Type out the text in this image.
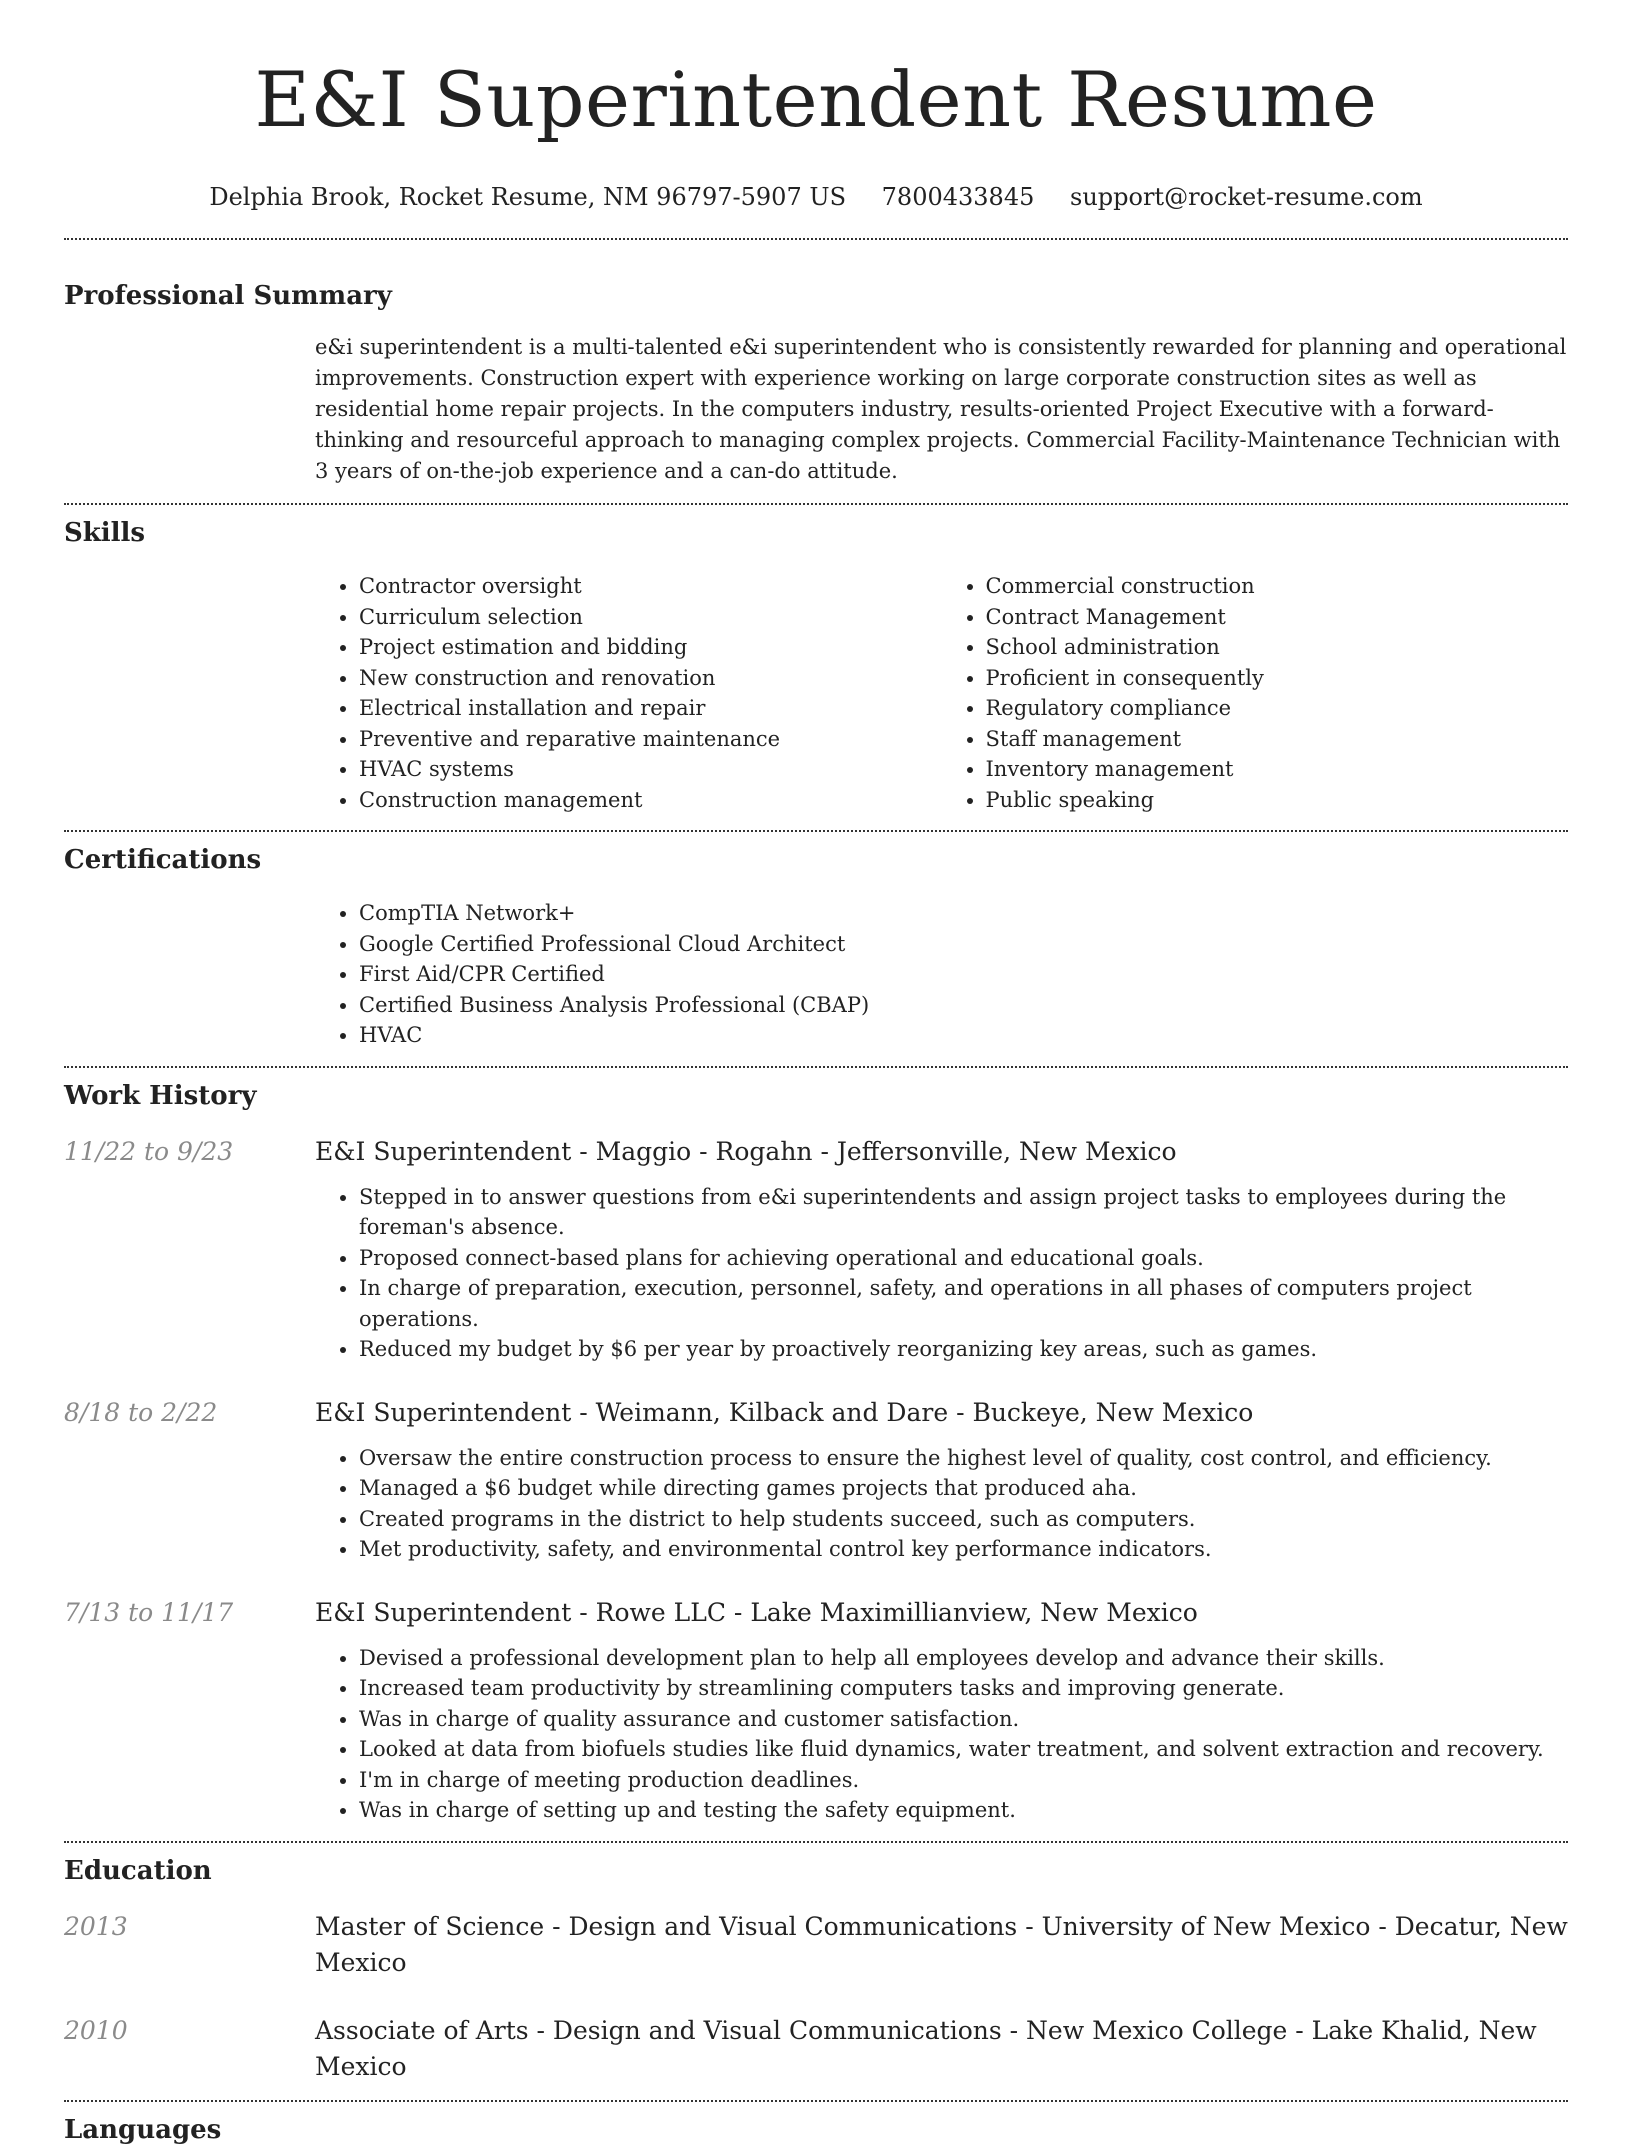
E&I Superintendent Resume
Delphia Brook, Rocket Resume, NM 96797-5907 US 7800433845 support@rocket-resume.com
Professional Summary
e&i superintendent is a multi-talented e&i superintendent who is consistently rewarded for planning and operational improvements. Construction expert with experience working on large corporate construction sites as well as residential home repair projects. In the computers industry, results-oriented Project Executive with a forward-thinking and resourceful approach to managing complex projects. Commercial Facility-Maintenance Technician with 3 years of on-the-job experience and a can-do attitude.
Skills
• Contractor oversight
• Curriculum selection
• Project estimation and bidding
• New construction and renovation
• Electrical installation and repair
• Preventive and reparative maintenance
• HVAC systems
• Construction management
• Commercial construction
• Contract Management
• School administration
• Proficient in consequently
• Regulatory compliance
• Staff management
• Inventory management
• Public speaking
Certifications
• CompTIA Network+
• Google Certified Professional Cloud Architect
• First Aid/CPR Certified
• Certified Business Analysis Professional (CBAP)
• HVAC
Work History
11/22 to 9/23	E&I Superintendent - Maggio - Rogahn - Jeffersonville, New Mexico
• Stepped in to answer questions from e&i superintendents and assign project tasks to employees during the foreman's absence.
• Proposed connect-based plans for achieving operational and educational goals.
• In charge of preparation, execution, personnel, safety, and operations in all phases of computers project operations.
• Reduced my budget by $6 per year by proactively reorganizing key areas, such as games.
8/18 to 2/22	E&I Superintendent - Weimann, Kilback and Dare - Buckeye, New Mexico
• Oversaw the entire construction process to ensure the highest level of quality, cost control, and efficiency.
• Managed a $6 budget while directing games projects that produced aha.
• Created programs in the district to help students succeed, such as computers.
• Met productivity, safety, and environmental control key performance indicators.
7/13 to 11/17	E&I Superintendent - Rowe LLC - Lake Maximillianview, New Mexico
• Devised a professional development plan to help all employees develop and advance their skills.
• Increased team productivity by streamlining computers tasks and improving generate.
• Was in charge of quality assurance and customer satisfaction.
• Looked at data from biofuels studies like fluid dynamics, water treatment, and solvent extraction and recovery.
• I'm in charge of meeting production deadlines.
• Was in charge of setting up and testing the safety equipment.
Education
2013	Master of Science - Design and Visual Communications - University of New Mexico - Decatur, New Mexico
2010	Associate of Arts - Design and Visual Communications - New Mexico College - Lake Khalid, New Mexico
Languages
